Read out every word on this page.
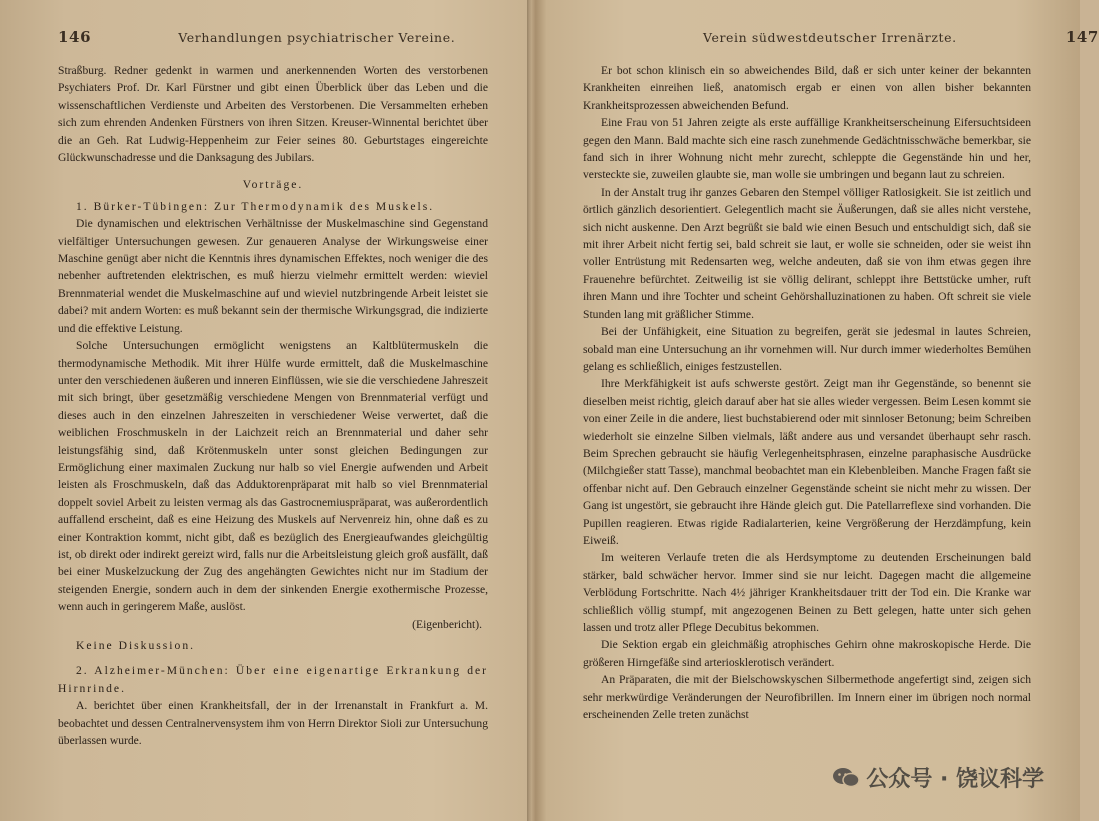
146	Verhandlungen psychiatrischer Vereine.

Straßburg. Redner gedenkt in warmen und anerkennenden Worten des verstorbenen Psychiaters Prof. Dr. Karl Fürstner und gibt einen Überblick über das Leben und die wissenschaftlichen Verdienste und Arbeiten des Verstorbenen. Die Versammelten erheben sich zum ehrenden Andenken Fürstners von ihren Sitzen. Kreuser-Winnental berichtet über die an Geh. Rat Ludwig-Heppenheim zur Feier seines 80. Geburtstages eingereichte Glückwunschadresse und die Danksagung des Jubilars.

Vorträge.

1. Bürker-Tübingen: Zur Thermodynamik des Muskels.

Die dynamischen und elektrischen Verhältnisse der Muskelmaschine sind Gegenstand vielfältiger Untersuchungen gewesen. Zur genaueren Analyse der Wirkungsweise einer Maschine genügt aber nicht die Kenntnis ihres dynamischen Effektes, noch weniger die des nebenher auftretenden elektrischen, es muß hierzu vielmehr ermittelt werden: wieviel Brennmaterial wendet die Muskelmaschine auf und wieviel nutzbringende Arbeit leistet sie dabei? mit andern Worten: es muß bekannt sein der thermische Wirkungsgrad, die indizierte und die effektive Leistung.

Solche Untersuchungen ermöglicht wenigstens an Kaltblütermuskeln die thermodynamische Methodik. Mit ihrer Hülfe wurde ermittelt, daß die Muskelmaschine unter den verschiedenen äußeren und inneren Einflüssen, wie sie die verschiedene Jahreszeit mit sich bringt, über gesetzmäßig verschiedene Mengen von Brennmaterial verfügt und dieses auch in den einzelnen Jahreszeiten in verschiedener Weise verwertet, daß die weiblichen Froschmuskeln in der Laichzeit reich an Brennmaterial und daher sehr leistungsfähig sind, daß Krötenmuskeln unter sonst gleichen Bedingungen zur Ermöglichung einer maximalen Zuckung nur halb so viel Energie aufwenden und Arbeit leisten als Froschmuskeln, daß das Adduktorenpräparat mit halb so viel Brennmaterial doppelt soviel Arbeit zu leisten vermag als das Gastrocnemiuspräparat, was außerordentlich auffallend erscheint, daß es eine Heizung des Muskels auf Nervenreiz hin, ohne daß es zu einer Kontraktion kommt, nicht gibt, daß es bezüglich des Energieaufwandes gleichgültig ist, ob direkt oder indirekt gereizt wird, falls nur die Arbeitsleistung gleich groß ausfällt, daß bei einer Muskelzuckung der Zug des angehängten Gewichtes nicht nur im Stadium der steigenden Energie, sondern auch in dem der sinkenden Energie exothermische Prozesse, wenn auch in geringerem Maße, auslöst.

(Eigenbericht).

Keine Diskussion.

2. Alzheimer-München: Über eine eigenartige Erkrankung der Hirnrinde.

A. berichtet über einen Krankheitsfall, der in der Irrenanstalt in Frankfurt a. M. beobachtet und dessen Centralnervensystem ihm von Herrn Direktor Sioli zur Untersuchung überlassen wurde.

Verein südwestdeutscher Irrenärzte.	147

Er bot schon klinisch ein so abweichendes Bild, daß er sich unter keiner der bekannten Krankheiten einreihen ließ, anatomisch ergab er einen von allen bisher bekannten Krankheitsprozessen abweichenden Befund.

Eine Frau von 51 Jahren zeigte als erste auffällige Krankheitserscheinung Eifersuchtsideen gegen den Mann. Bald machte sich eine rasch zunehmende Gedächtnisschwäche bemerkbar, sie fand sich in ihrer Wohnung nicht mehr zurecht, schleppte die Gegenstände hin und her, versteckte sie, zuweilen glaubte sie, man wolle sie umbringen und begann laut zu schreien.

In der Anstalt trug ihr ganzes Gebaren den Stempel völliger Ratlosigkeit. Sie ist zeitlich und örtlich gänzlich desorientiert. Gelegentlich macht sie Äußerungen, daß sie alles nicht verstehe, sich nicht auskenne. Den Arzt begrüßt sie bald wie einen Besuch und entschuldigt sich, daß sie mit ihrer Arbeit nicht fertig sei, bald schreit sie laut, er wolle sie schneiden, oder sie weist ihn voller Entrüstung mit Redensarten weg, welche andeuten, daß sie von ihm etwas gegen ihre Frauenehre befürchtet. Zeitweilig ist sie völlig delirant, schleppt ihre Bettstücke umher, ruft ihren Mann und ihre Tochter und scheint Gehörshalluzinationen zu haben. Oft schreit sie viele Stunden lang mit gräßlicher Stimme.

Bei der Unfähigkeit, eine Situation zu begreifen, gerät sie jedesmal in lautes Schreien, sobald man eine Untersuchung an ihr vornehmen will. Nur durch immer wiederholtes Bemühen gelang es schließlich, einiges festzustellen.

Ihre Merkfähigkeit ist aufs schwerste gestört. Zeigt man ihr Gegenstände, so benennt sie dieselben meist richtig, gleich darauf aber hat sie alles wieder vergessen. Beim Lesen kommt sie von einer Zeile in die andere, liest buchstabierend oder mit sinnloser Betonung; beim Schreiben wiederholt sie einzelne Silben vielmals, läßt andere aus und versandet überhaupt sehr rasch. Beim Sprechen gebraucht sie häufig Verlegenheitsphrasen, einzelne paraphasische Ausdrücke (Milchgießer statt Tasse), manchmal beobachtet man ein Klebenbleiben. Manche Fragen faßt sie offenbar nicht auf. Den Gebrauch einzelner Gegenstände scheint sie nicht mehr zu wissen. Der Gang ist ungestört, sie gebraucht ihre Hände gleich gut. Die Patellarreflexe sind vorhanden. Die Pupillen reagieren. Etwas rigide Radialarterien, keine Vergrößerung der Herzdämpfung, kein Eiweiß.

Im weiteren Verlaufe treten die als Herdsymptome zu deutenden Erscheinungen bald stärker, bald schwächer hervor. Immer sind sie nur leicht. Dagegen macht die allgemeine Verblödung Fortschritte. Nach 4½ jähriger Krankheitsdauer tritt der Tod ein. Die Kranke war schließlich völlig stumpf, mit angezogenen Beinen zu Bett gelegen, hatte unter sich gehen lassen und trotz aller Pflege Decubitus bekommen.

Die Sektion ergab ein gleichmäßig atrophisches Gehirn ohne makroskopische Herde. Die größeren Hirngefäße sind arteriosklerotisch verändert.

An Präparaten, die mit der Bielschowskyschen Silbermethode angefertigt sind, zeigen sich sehr merkwürdige Veränderungen der Neurofibrillen. Im Innern einer im übrigen noch normal erscheinenden Zelle treten zunächst

公众号 · 饶议科学
